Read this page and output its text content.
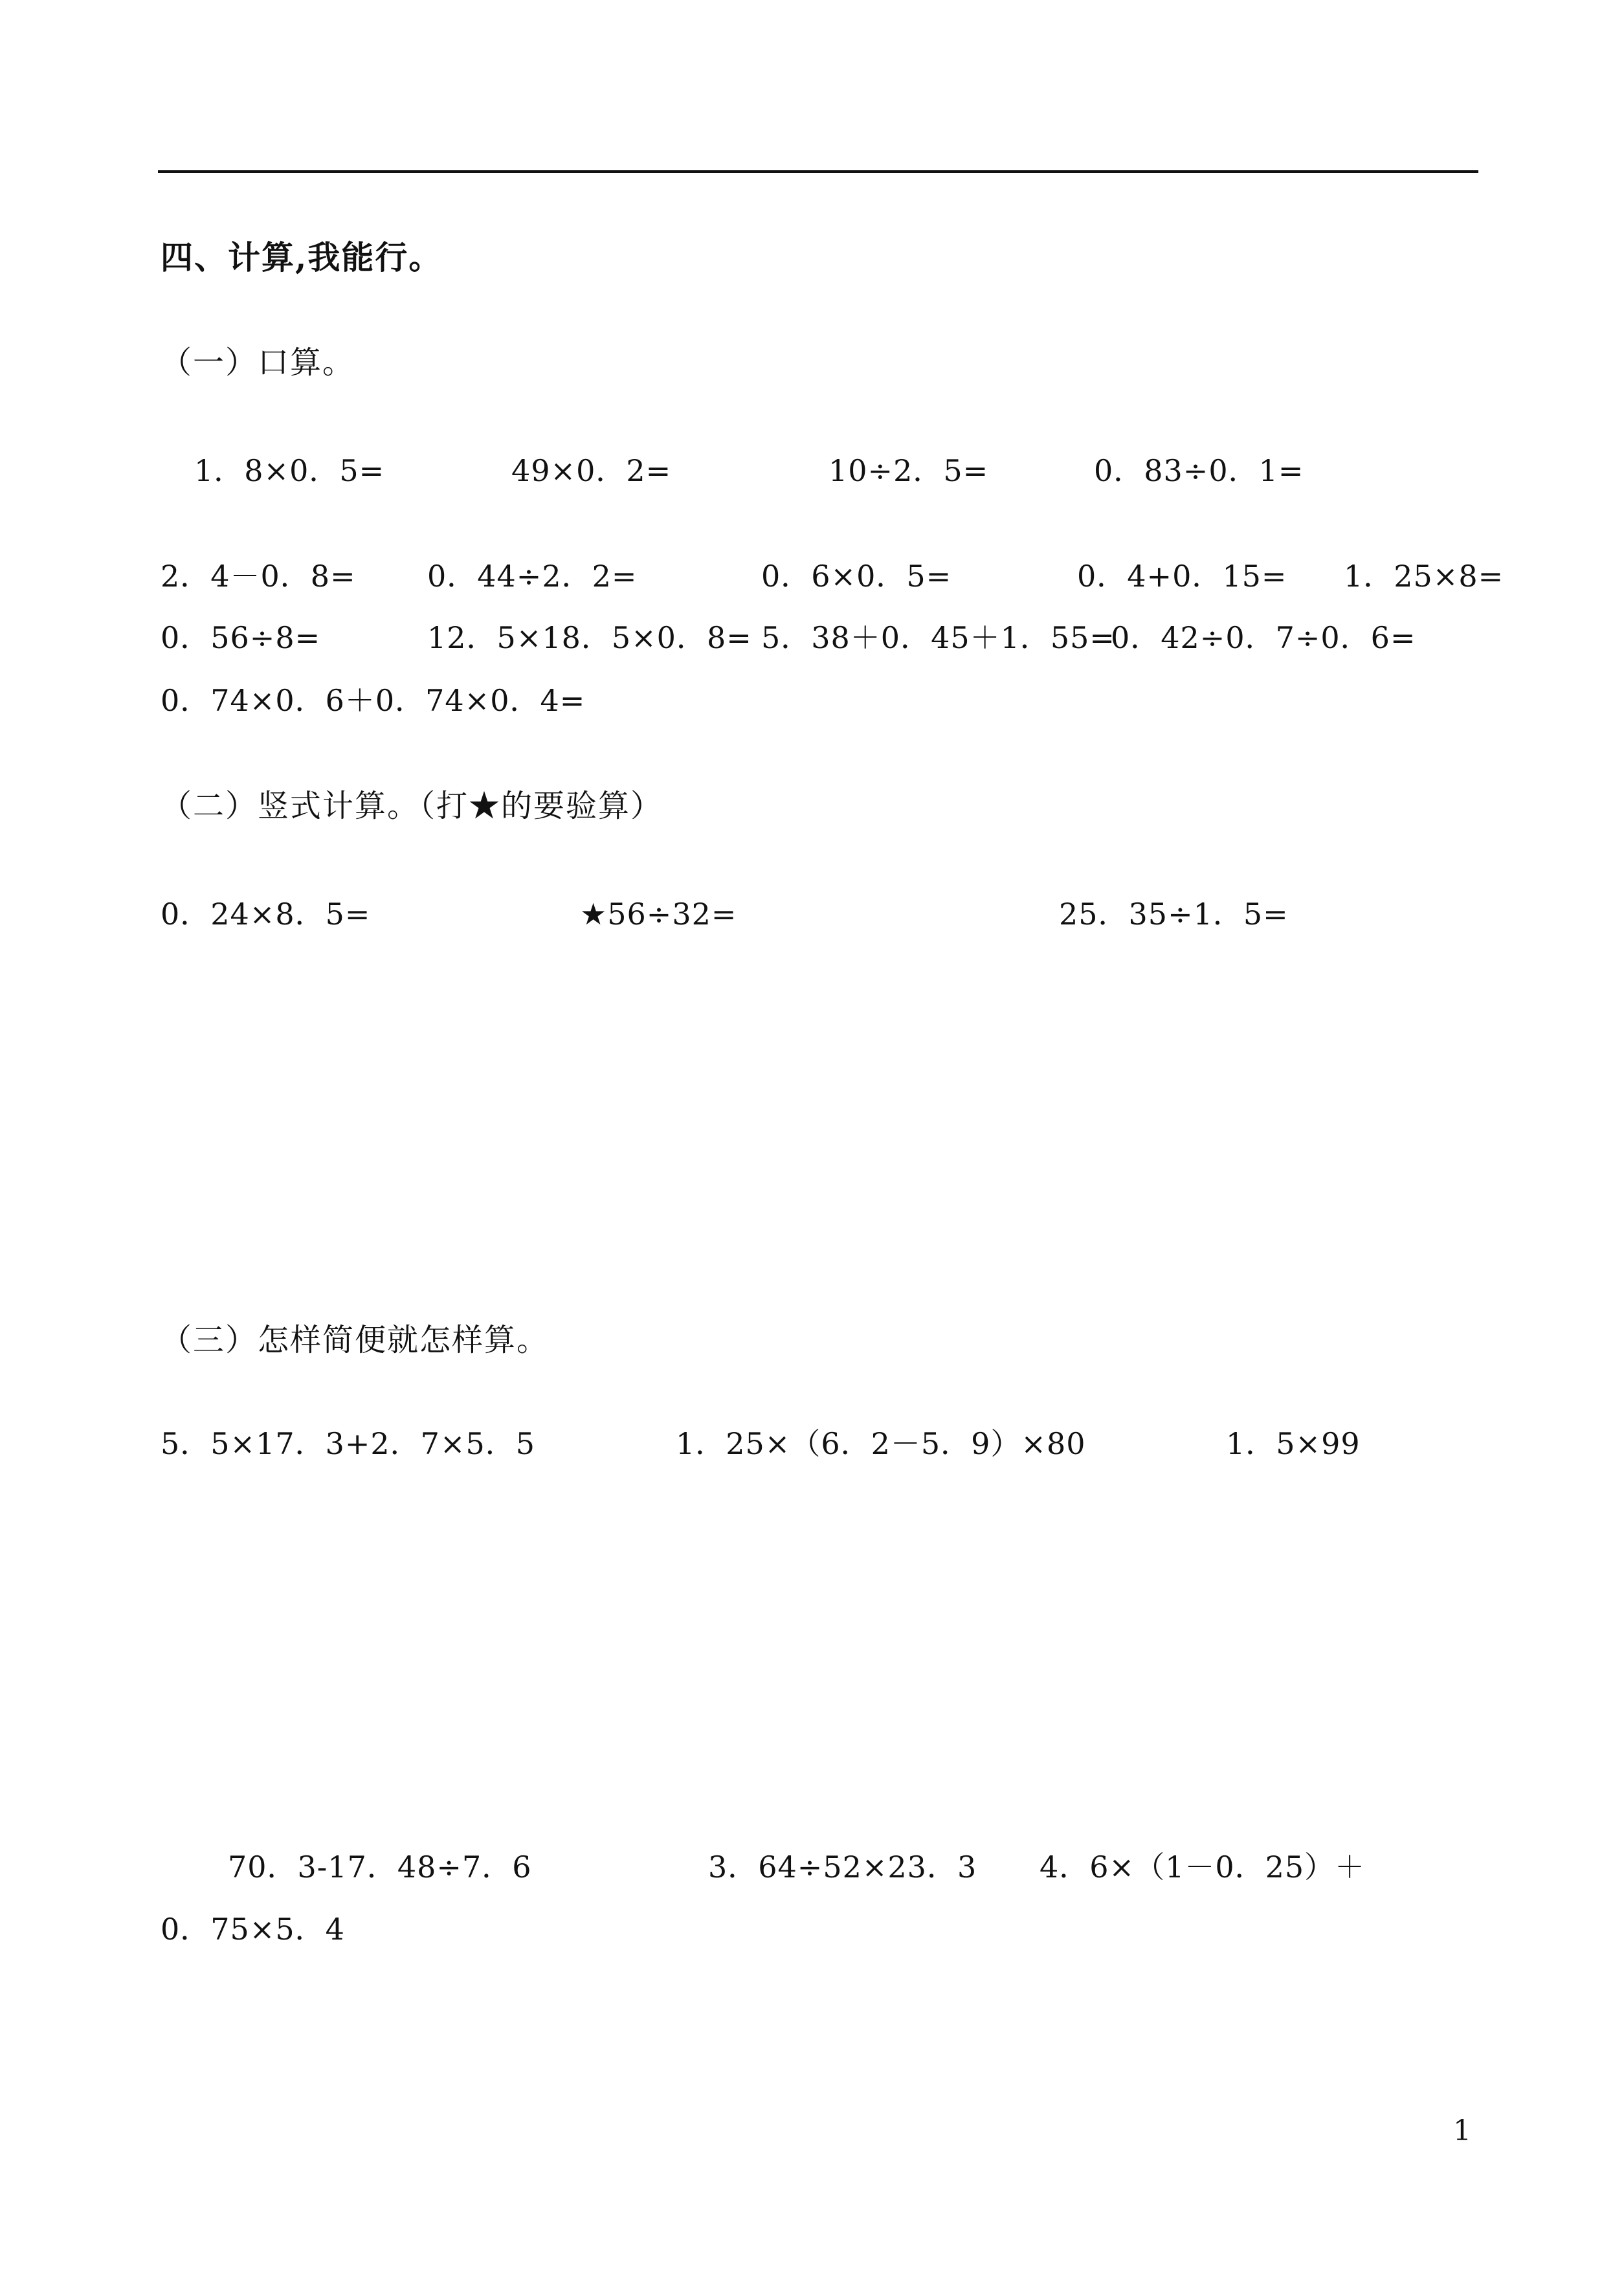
四、计算,我能行。
（一）口算。
1．8×0．5=	49×0．2=	10÷2．5=	0．83÷0．1=
2．4－0．8= 0．44÷2．2=	0．6×0．5=	0．4+0．15= 1．25×8=
0．56÷8=	12．5×18．5×0．8= 5．38＋0．45＋1．55=
0．42÷0．7÷0．6=
0．74×0．6＋0．74×0．4=
（二）竖式计算。（打★的要验算）
0．24×8．5=	★56÷32=	25．35÷1．5=
（三）怎样简便就怎样算。
5．5×17．3+2．7×5．5	1．25×（6．2－5．9）×80	1．5×99
70．3-17．48÷7．6	3．64÷52×23．3 4．6×（1－0．25）＋
0．75×5．4
1
